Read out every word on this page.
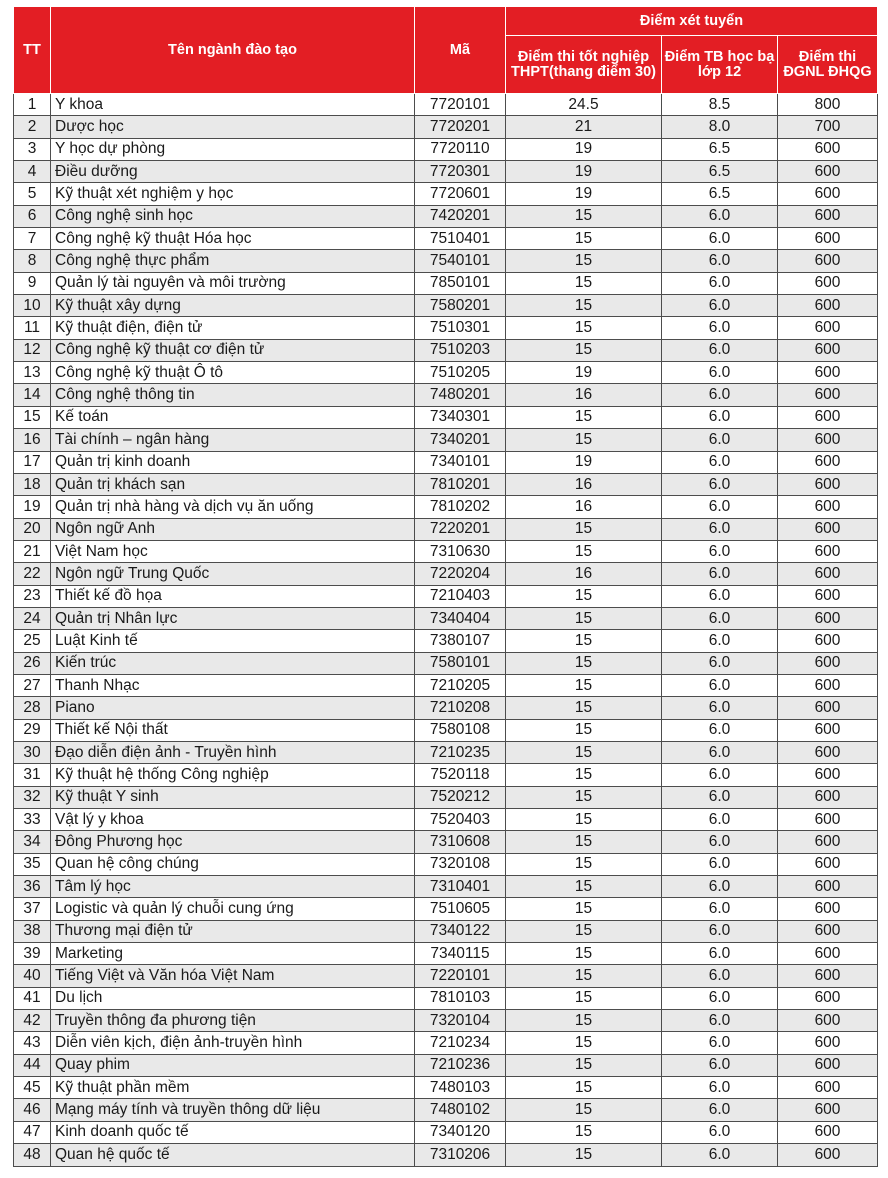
TT	Tên ngành đào tạo	Mã	Điểm xét tuyển		
			Điểm thi tốt nghiệp THPT(thang điểm 30)	Điểm TB học bạ lớp 12	Điểm thi ĐGNL ĐHQG
1	Y khoa	7720101	24.5	8.5	800
2	Dược học	7720201	21	8.0	700
3	Y học dự phòng	7720110	19	6.5	600
4	Điều dưỡng	7720301	19	6.5	600
5	Kỹ thuật xét nghiệm y học	7720601	19	6.5	600
6	Công nghệ sinh học	7420201	15	6.0	600
7	Công nghệ kỹ thuật Hóa học	7510401	15	6.0	600
8	Công nghệ thực phẩm	7540101	15	6.0	600
9	Quản lý tài nguyên và môi trường	7850101	15	6.0	600
10	Kỹ thuật xây dựng	7580201	15	6.0	600
11	Kỹ thuật điện, điện tử	7510301	15	6.0	600
12	Công nghệ kỹ thuật cơ điện tử	7510203	15	6.0	600
13	Công nghệ kỹ thuật Ô tô	7510205	19	6.0	600
14	Công nghệ thông tin	7480201	16	6.0	600
15	Kế toán	7340301	15	6.0	600
16	Tài chính – ngân hàng	7340201	15	6.0	600
17	Quản trị kinh doanh	7340101	19	6.0	600
18	Quản trị khách sạn	7810201	16	6.0	600
19	Quản trị nhà hàng và dịch vụ ăn uống	7810202	16	6.0	600
20	Ngôn ngữ Anh	7220201	15	6.0	600
21	Việt Nam học	7310630	15	6.0	600
22	Ngôn ngữ Trung Quốc	7220204	16	6.0	600
23	Thiết kế đồ họa	7210403	15	6.0	600
24	Quản trị Nhân lực	7340404	15	6.0	600
25	Luật Kinh tế	7380107	15	6.0	600
26	Kiến trúc	7580101	15	6.0	600
27	Thanh Nhạc	7210205	15	6.0	600
28	Piano	7210208	15	6.0	600
29	Thiết kế Nội thất	7580108	15	6.0	600
30	Đạo diễn điện ảnh - Truyền hình	7210235	15	6.0	600
31	Kỹ thuật hệ thống Công nghiệp	7520118	15	6.0	600
32	Kỹ thuật Y sinh	7520212	15	6.0	600
33	Vật lý y khoa	7520403	15	6.0	600
34	Đông Phương học	7310608	15	6.0	600
35	Quan hệ công chúng	7320108	15	6.0	600
36	Tâm lý học	7310401	15	6.0	600
37	Logistic và quản lý chuỗi cung ứng	7510605	15	6.0	600
38	Thương mại điện tử	7340122	15	6.0	600
39	Marketing	7340115	15	6.0	600
40	Tiếng Việt và Văn hóa Việt Nam	7220101	15	6.0	600
41	Du lịch	7810103	15	6.0	600
42	Truyền thông đa phương tiện	7320104	15	6.0	600
43	Diễn viên kịch, điện ảnh-truyền hình	7210234	15	6.0	600
44	Quay phim	7210236	15	6.0	600
45	Kỹ thuật phần mềm	7480103	15	6.0	600
46	Mạng máy tính và truyền thông dữ liệu	7480102	15	6.0	600
47	Kinh doanh quốc tế	7340120	15	6.0	600
48	Quan hệ quốc tế	7310206	15	6.0	600
